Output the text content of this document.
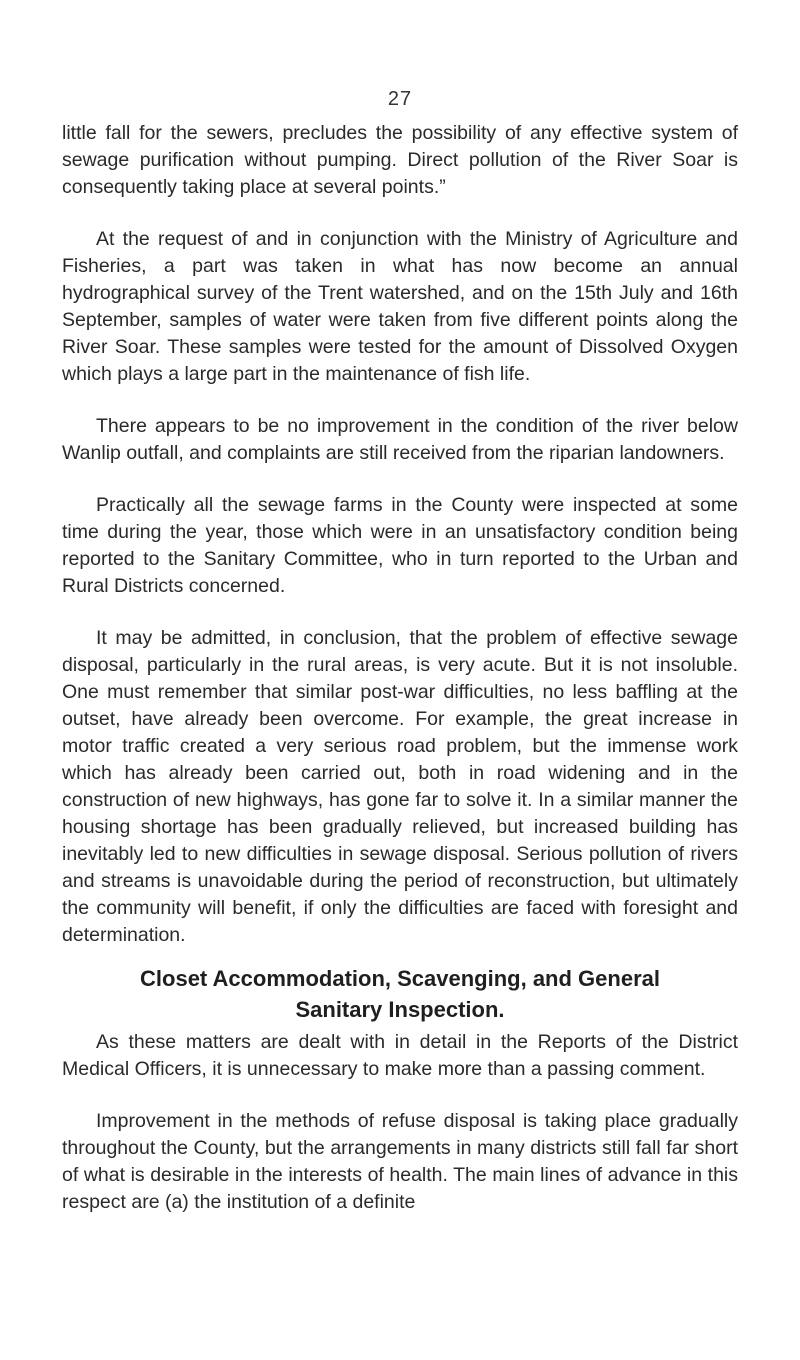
27

little fall for the sewers, precludes the possibility of any effective system of sewage purification without pumping. Direct pollution of the River Soar is consequently taking place at several points.”

At the request of and in conjunction with the Ministry of Agriculture and Fisheries, a part was taken in what has now become an annual hydrographical survey of the Trent watershed, and on the 15th July and 16th September, samples of water were taken from five different points along the River Soar. These samples were tested for the amount of Dissolved Oxygen which plays a large part in the maintenance of fish life.

There appears to be no improvement in the condition of the river below Wanlip outfall, and complaints are still received from the riparian landowners.

Practically all the sewage farms in the County were inspected at some time during the year, those which were in an unsatisfactory condition being reported to the Sanitary Committee, who in turn reported to the Urban and Rural Districts concerned.

It may be admitted, in conclusion, that the problem of effective sewage disposal, particularly in the rural areas, is very acute. But it is not insoluble. One must remember that similar post-war difficulties, no less baffling at the outset, have already been overcome. For example, the great increase in motor traffic created a very serious road problem, but the immense work which has already been carried out, both in road widening and in the construction of new highways, has gone far to solve it. In a similar manner the housing shortage has been gradually relieved, but increased building has inevitably led to new difficulties in sewage disposal. Serious pollution of rivers and streams is unavoidable during the period of reconstruction, but ultimately the community will benefit, if only the difficulties are faced with foresight and determination.

Closet Accommodation, Scavenging, and General
Sanitary Inspection.

As these matters are dealt with in detail in the Reports of the District Medical Officers, it is unnecessary to make more than a passing comment.

Improvement in the methods of refuse disposal is taking place gradually throughout the County, but the arrangements in many districts still fall far short of what is desirable in the interests of health. The main lines of advance in this respect are (a) the institution of a definite
